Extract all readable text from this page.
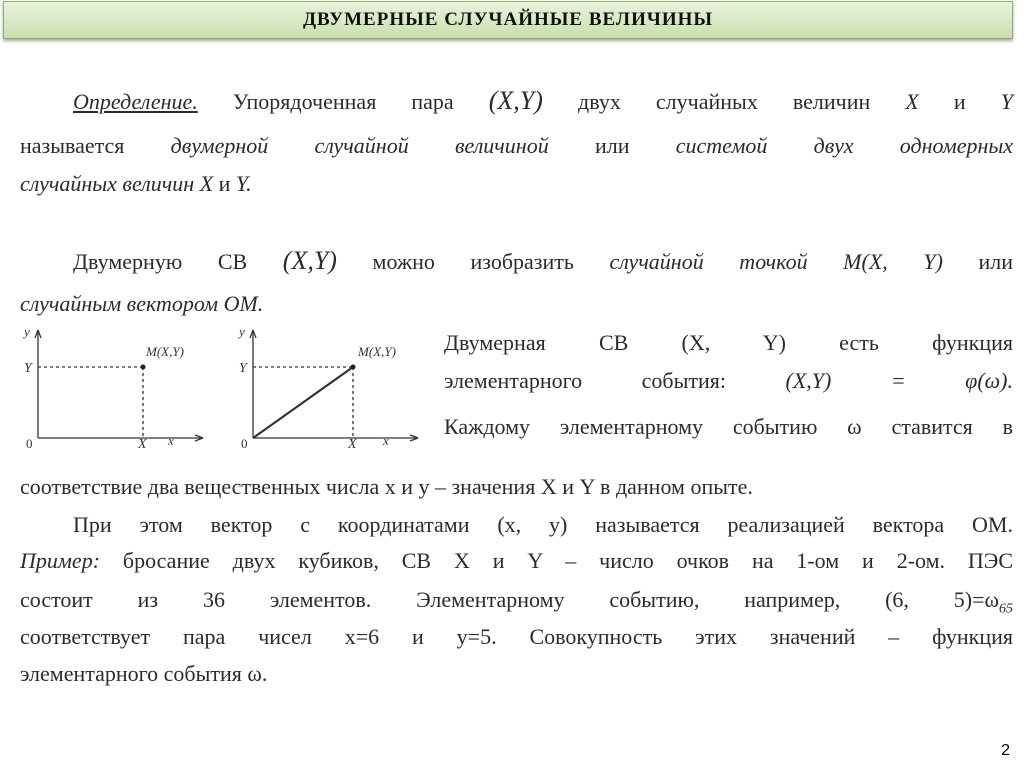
ДВУМЕРНЫЕ СЛУЧАЙНЫЕ ВЕЛИЧИНЫ
Определение. Упорядоченная пара (X,Y) двух случайных величин X и Y
называется двумерной случайной величиной или системой двух одномерных
случайных величин X и Y.
Двумерную СВ (X,Y) можно изобразить случайной точкой M(X, Y) или
случайным вектором OM.
y
Y
0	X x
M(X,Y)
y
Y
0	X x
M(X,Y) Двумерная СВ (X, Y) есть функция
элементарного события:	(X,Y) = φ(ω).
Каждому элементарному событию ω ставится в
соответствие два вещественных числа x и y – значения X и Y в данном опыте.
При этом вектор с координатами (x, y) называется реализацией вектора OM.
Пример: бросание двух кубиков, СВ X и Y – число очков на 1-ом и 2-ом. ПЭС
состоит из 36 элементов. Элементарному событию, например, (6, $5)=\omega_{65}$
соответствует пара чисел x=6 и y=5. Совокупность этих значений – функция
элементарного события ω.
2
